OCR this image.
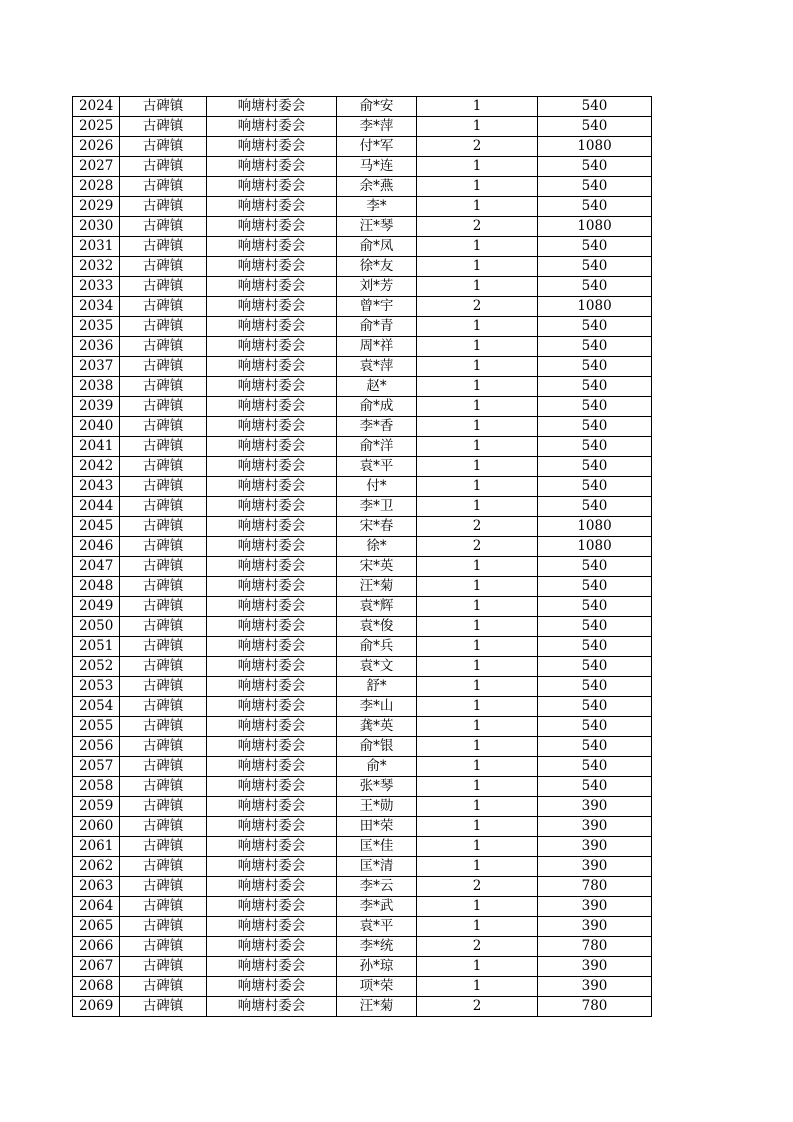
2024	古碑镇	响塘村委会	俞*安	1	540
2025	古碑镇	响塘村委会	李*萍	1	540
2026	古碑镇	响塘村委会	付*军	2	1080
2027	古碑镇	响塘村委会	马*连	1	540
2028	古碑镇	响塘村委会	余*燕	1	540
2029	古碑镇	响塘村委会	李*	1	540
2030	古碑镇	响塘村委会	汪*琴	2	1080
2031	古碑镇	响塘村委会	俞*凤	1	540
2032	古碑镇	响塘村委会	徐*友	1	540
2033	古碑镇	响塘村委会	刘*芳	1	540
2034	古碑镇	响塘村委会	曾*宇	2	1080
2035	古碑镇	响塘村委会	俞*青	1	540
2036	古碑镇	响塘村委会	周*祥	1	540
2037	古碑镇	响塘村委会	袁*萍	1	540
2038	古碑镇	响塘村委会	赵*	1	540
2039	古碑镇	响塘村委会	俞*成	1	540
2040	古碑镇	响塘村委会	李*香	1	540
2041	古碑镇	响塘村委会	俞*洋	1	540
2042	古碑镇	响塘村委会	袁*平	1	540
2043	古碑镇	响塘村委会	付*	1	540
2044	古碑镇	响塘村委会	李*卫	1	540
2045	古碑镇	响塘村委会	宋*春	2	1080
2046	古碑镇	响塘村委会	徐*	2	1080
2047	古碑镇	响塘村委会	宋*英	1	540
2048	古碑镇	响塘村委会	汪*菊	1	540
2049	古碑镇	响塘村委会	袁*辉	1	540
2050	古碑镇	响塘村委会	袁*俊	1	540
2051	古碑镇	响塘村委会	俞*兵	1	540
2052	古碑镇	响塘村委会	袁*文	1	540
2053	古碑镇	响塘村委会	舒*	1	540
2054	古碑镇	响塘村委会	李*山	1	540
2055	古碑镇	响塘村委会	龚*英	1	540
2056	古碑镇	响塘村委会	俞*银	1	540
2057	古碑镇	响塘村委会	俞*	1	540
2058	古碑镇	响塘村委会	张*琴	1	540
2059	古碑镇	响塘村委会	王*勋	1	390
2060	古碑镇	响塘村委会	田*荣	1	390
2061	古碑镇	响塘村委会	匡*佳	1	390
2062	古碑镇	响塘村委会	匡*清	1	390
2063	古碑镇	响塘村委会	李*云	2	780
2064	古碑镇	响塘村委会	李*武	1	390
2065	古碑镇	响塘村委会	袁*平	1	390
2066	古碑镇	响塘村委会	李*统	2	780
2067	古碑镇	响塘村委会	孙*琼	1	390
2068	古碑镇	响塘村委会	项*荣	1	390
2069	古碑镇	响塘村委会	汪*菊	2	780
